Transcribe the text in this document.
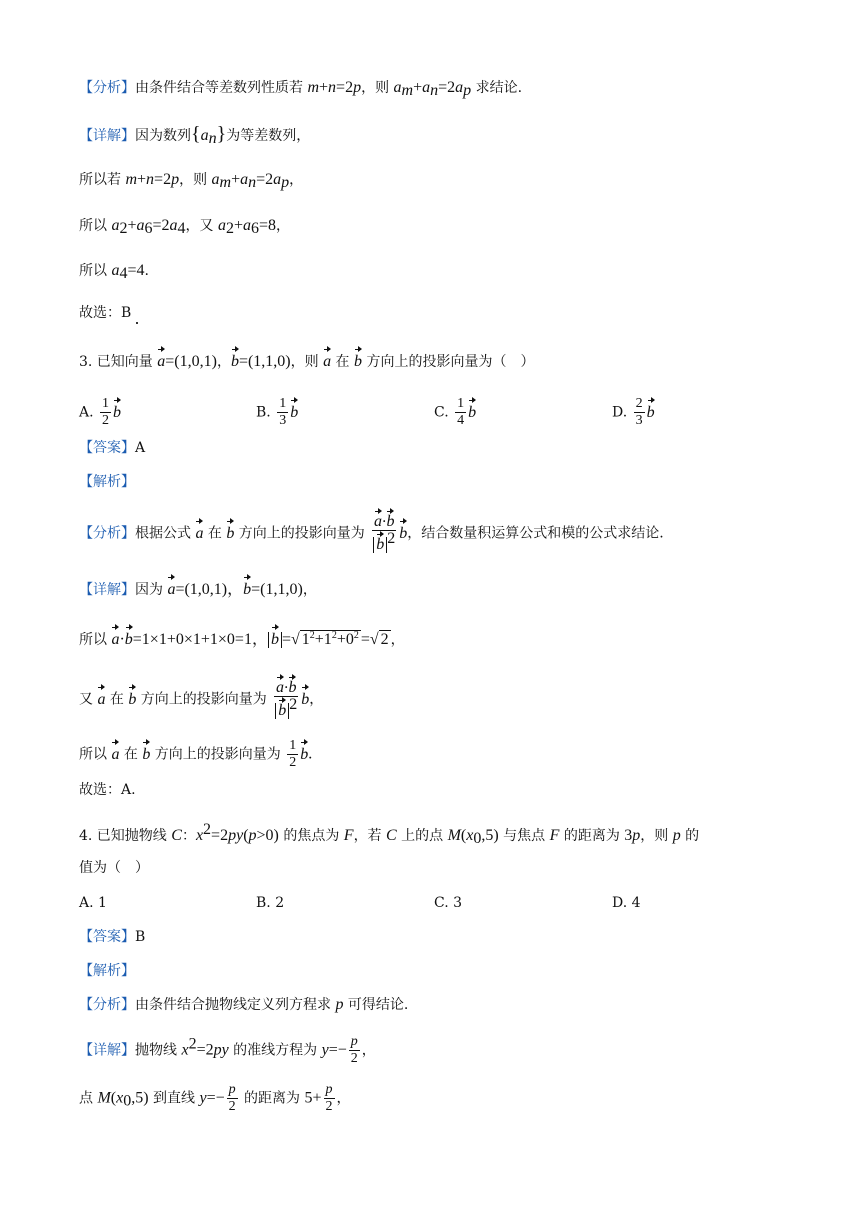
【分析】由条件结合等差数列性质若 m+n=2p，则 $a_m+a_n=2a_p$ 求结论.
【详解】因为数列$\{a_n\}$为等差数列，
所以若 m+n=2p，则 $a_m+a_n=2a_p$，
所以 $a_2+a_6=2a_4$，又 $a_2+a_6=8$，
所以 $a_4=4$.
故选：B
3. 已知向量 a=(1,0,1)，b=(1,1,0)，则 a 在 b 方向上的投影向量为（　）
A. $\frac{1}{2}$ b	B. $\frac{1}{3}$ b	C. $\frac{1}{4}$ b	D. $\frac{2}{3}$ b
【答案】A
【解析】
【分析】根据公式 a 在 b 方向上的投影向量为 $\frac{a\cdot b}{b ^2}$ b，结合数量积运算公式和模的公式求结论.
【详解】因为 a=(1,0,1)，b=(1,1,0)，
所以 a·b=1×1+0×1+1×0=1， b =√ $1^2+1^2+0^2$ =√ 2 ，
又 a 在 b 方向上的投影向量为 $\frac{a\cdot b}{b ^2}$ b，
所以 a 在 b 方向上的投影向量为 $\frac{1}{2} b$.
故选：A.
4. 已知抛物线 C：$x^2=2py(p>0)$ 的焦点为 F，若 C 上的点 $M(x_0,5)$ 与焦点 F 的距离为 3p，则 p 的
值为（　）
A. 1	B. 2	C. 3	D. 4
【答案】B
【解析】
【分析】由条件结合抛物线定义列方程求 p 可得结论.
【详解】抛物线 $x^2=2py$ 的准线方程为 $y=- \frac{p}{2}$ ，
点 $M(x_0,5)$ 到直线 $y=- \frac{p}{2}$ 的距离为 $5+ \frac{p}{2}$ ，
